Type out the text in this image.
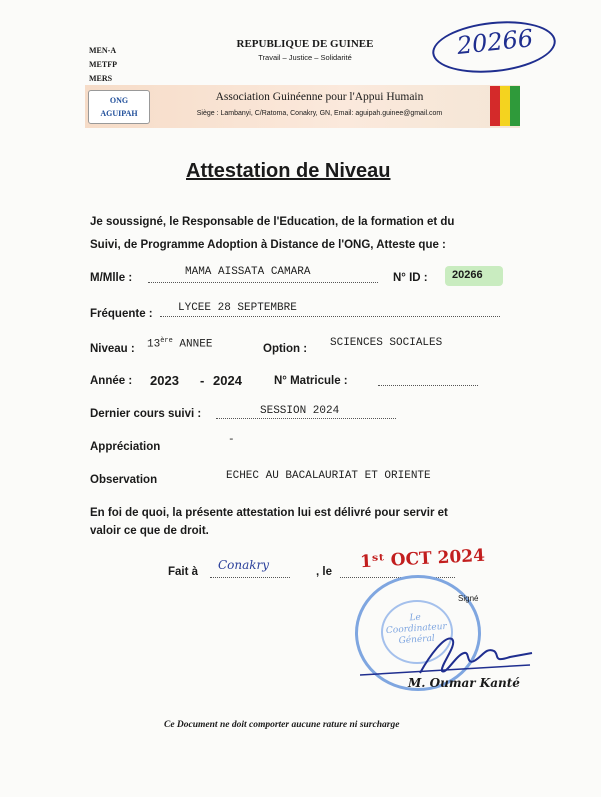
MEN-A
METFP
MERS
REPUBLIQUE DE GUINEE
Travail – Justice – Solidarité	20266
ONG
AGUIPAH
Association Guinéenne pour l'Appui Humain
Siège : Lambanyi, C/Ratoma, Conakry, GN, Email: aguipah.guinee@gmail.com
Attestation de Niveau
Je soussigné, le Responsable de l'Education, de la formation et du
Suivi, de Programme Adoption à Distance de l'ONG, Atteste que :
M/Mlle :	MAMA AISSATA CAMARA	N° ID : 20266
Fréquente : LYCEE 28 SEPTEMBRE
Niveau : 13ère ANNEE	Option : SCIENCES SOCIALES
Année : 2023 - 2024	N° Matricule :
Dernier cours suivi :	SESSION 2024
Appréciation
-
Observation	ECHEC AU BACALAURIAT ET ORIENTE
En foi de quoi, la présente attestation lui est délivré pour servir et
valoir ce que de droit.
Fait à Conakry	, le 1ˢᵗ OCT 2024
Le
Coordinateur
Général
Signé
M. Oumar Kanté
Ce Document ne doit comporter aucune rature ni surcharge
